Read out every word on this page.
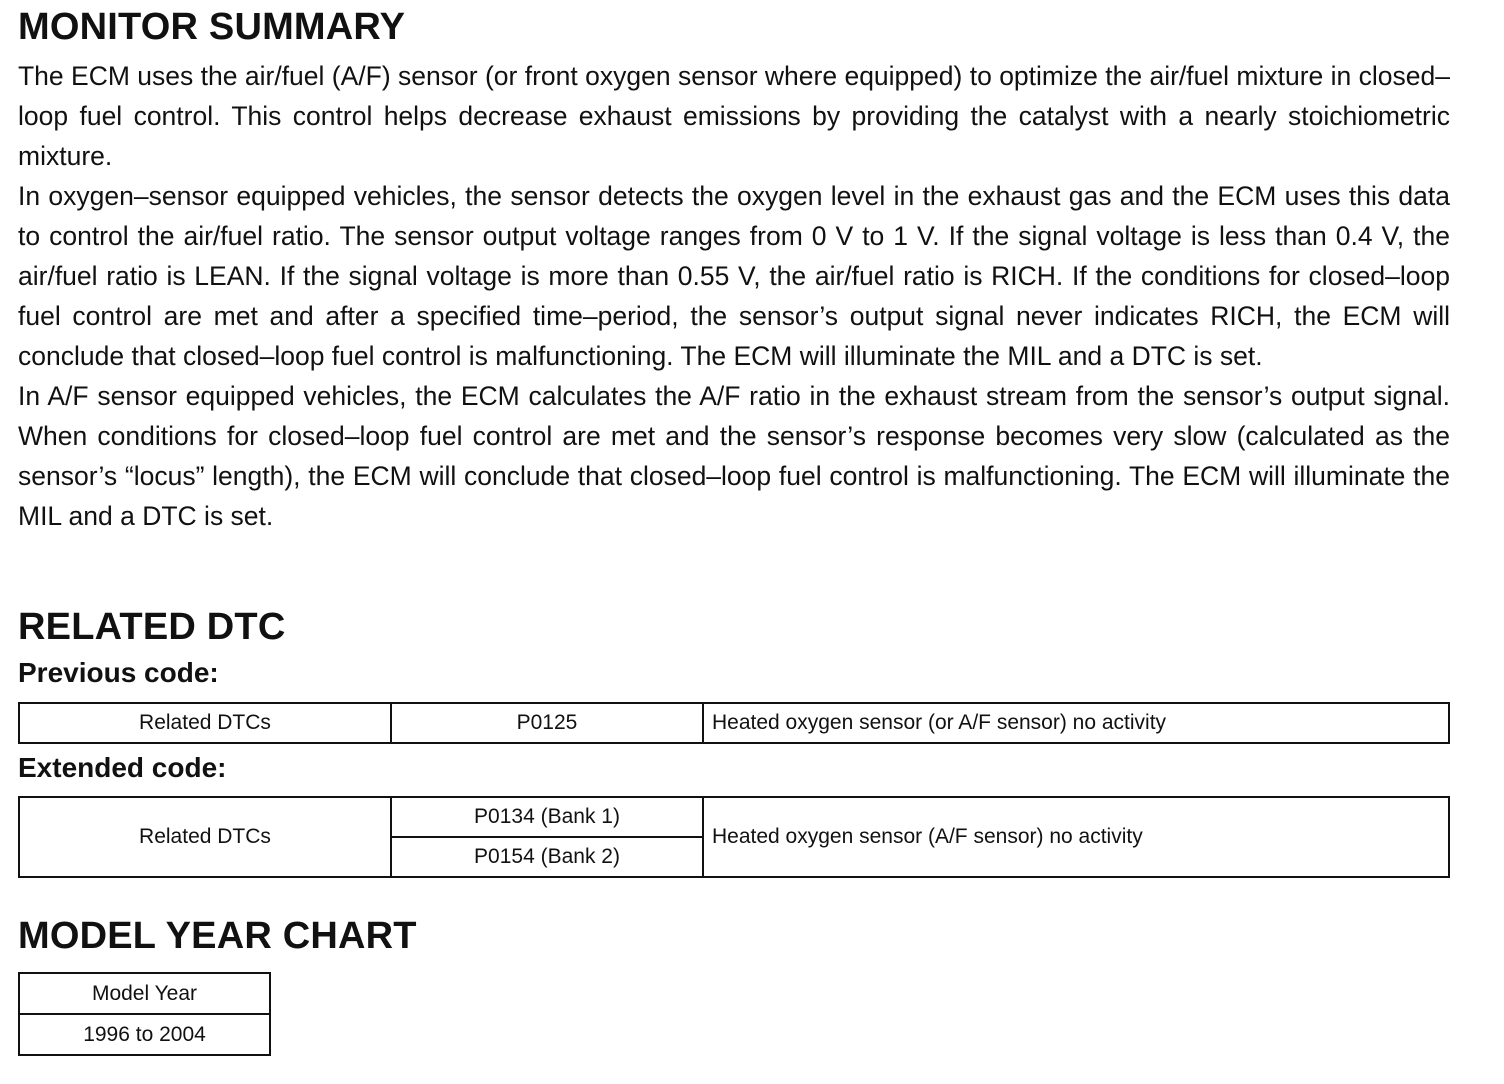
MONITOR SUMMARY

The ECM uses the air/fuel (A/F) sensor (or front oxygen sensor where equipped) to optimize the air/fuel mixture in closed–loop fuel control. This control helps decrease exhaust emissions by providing the catalyst with a nearly stoichiometric mixture.

In oxygen–sensor equipped vehicles, the sensor detects the oxygen level in the exhaust gas and the ECM uses this data to control the air/fuel ratio. The sensor output voltage ranges from 0 V to 1 V. If the signal voltage is less than 0.4 V, the air/fuel ratio is LEAN. If the signal voltage is more than 0.55 V, the air/fuel ratio is RICH. If the conditions for closed–loop fuel control are met and after a specified time–period, the sensor’s output signal never indicates RICH, the ECM will conclude that closed–loop fuel control is malfunctioning. The ECM will illuminate the MIL and a DTC is set.

In A/F sensor equipped vehicles, the ECM calculates the A/F ratio in the exhaust stream from the sensor’s output signal. When conditions for closed–loop fuel control are met and the sensor’s response becomes very slow (calculated as the sensor’s “locus” length), the ECM will conclude that closed–loop fuel control is malfunctioning. The ECM will illuminate the MIL and a DTC is set.

RELATED DTC
Previous code:
Related DTCs	P0125	Heated oxygen sensor (or A/F sensor) no activity
Extended code:
Related DTCs	P0134 (Bank 1)	Heated oxygen sensor (A/F sensor) no activity
P0154 (Bank 2)
MODEL YEAR CHART
Model Year
1996 to 2004
